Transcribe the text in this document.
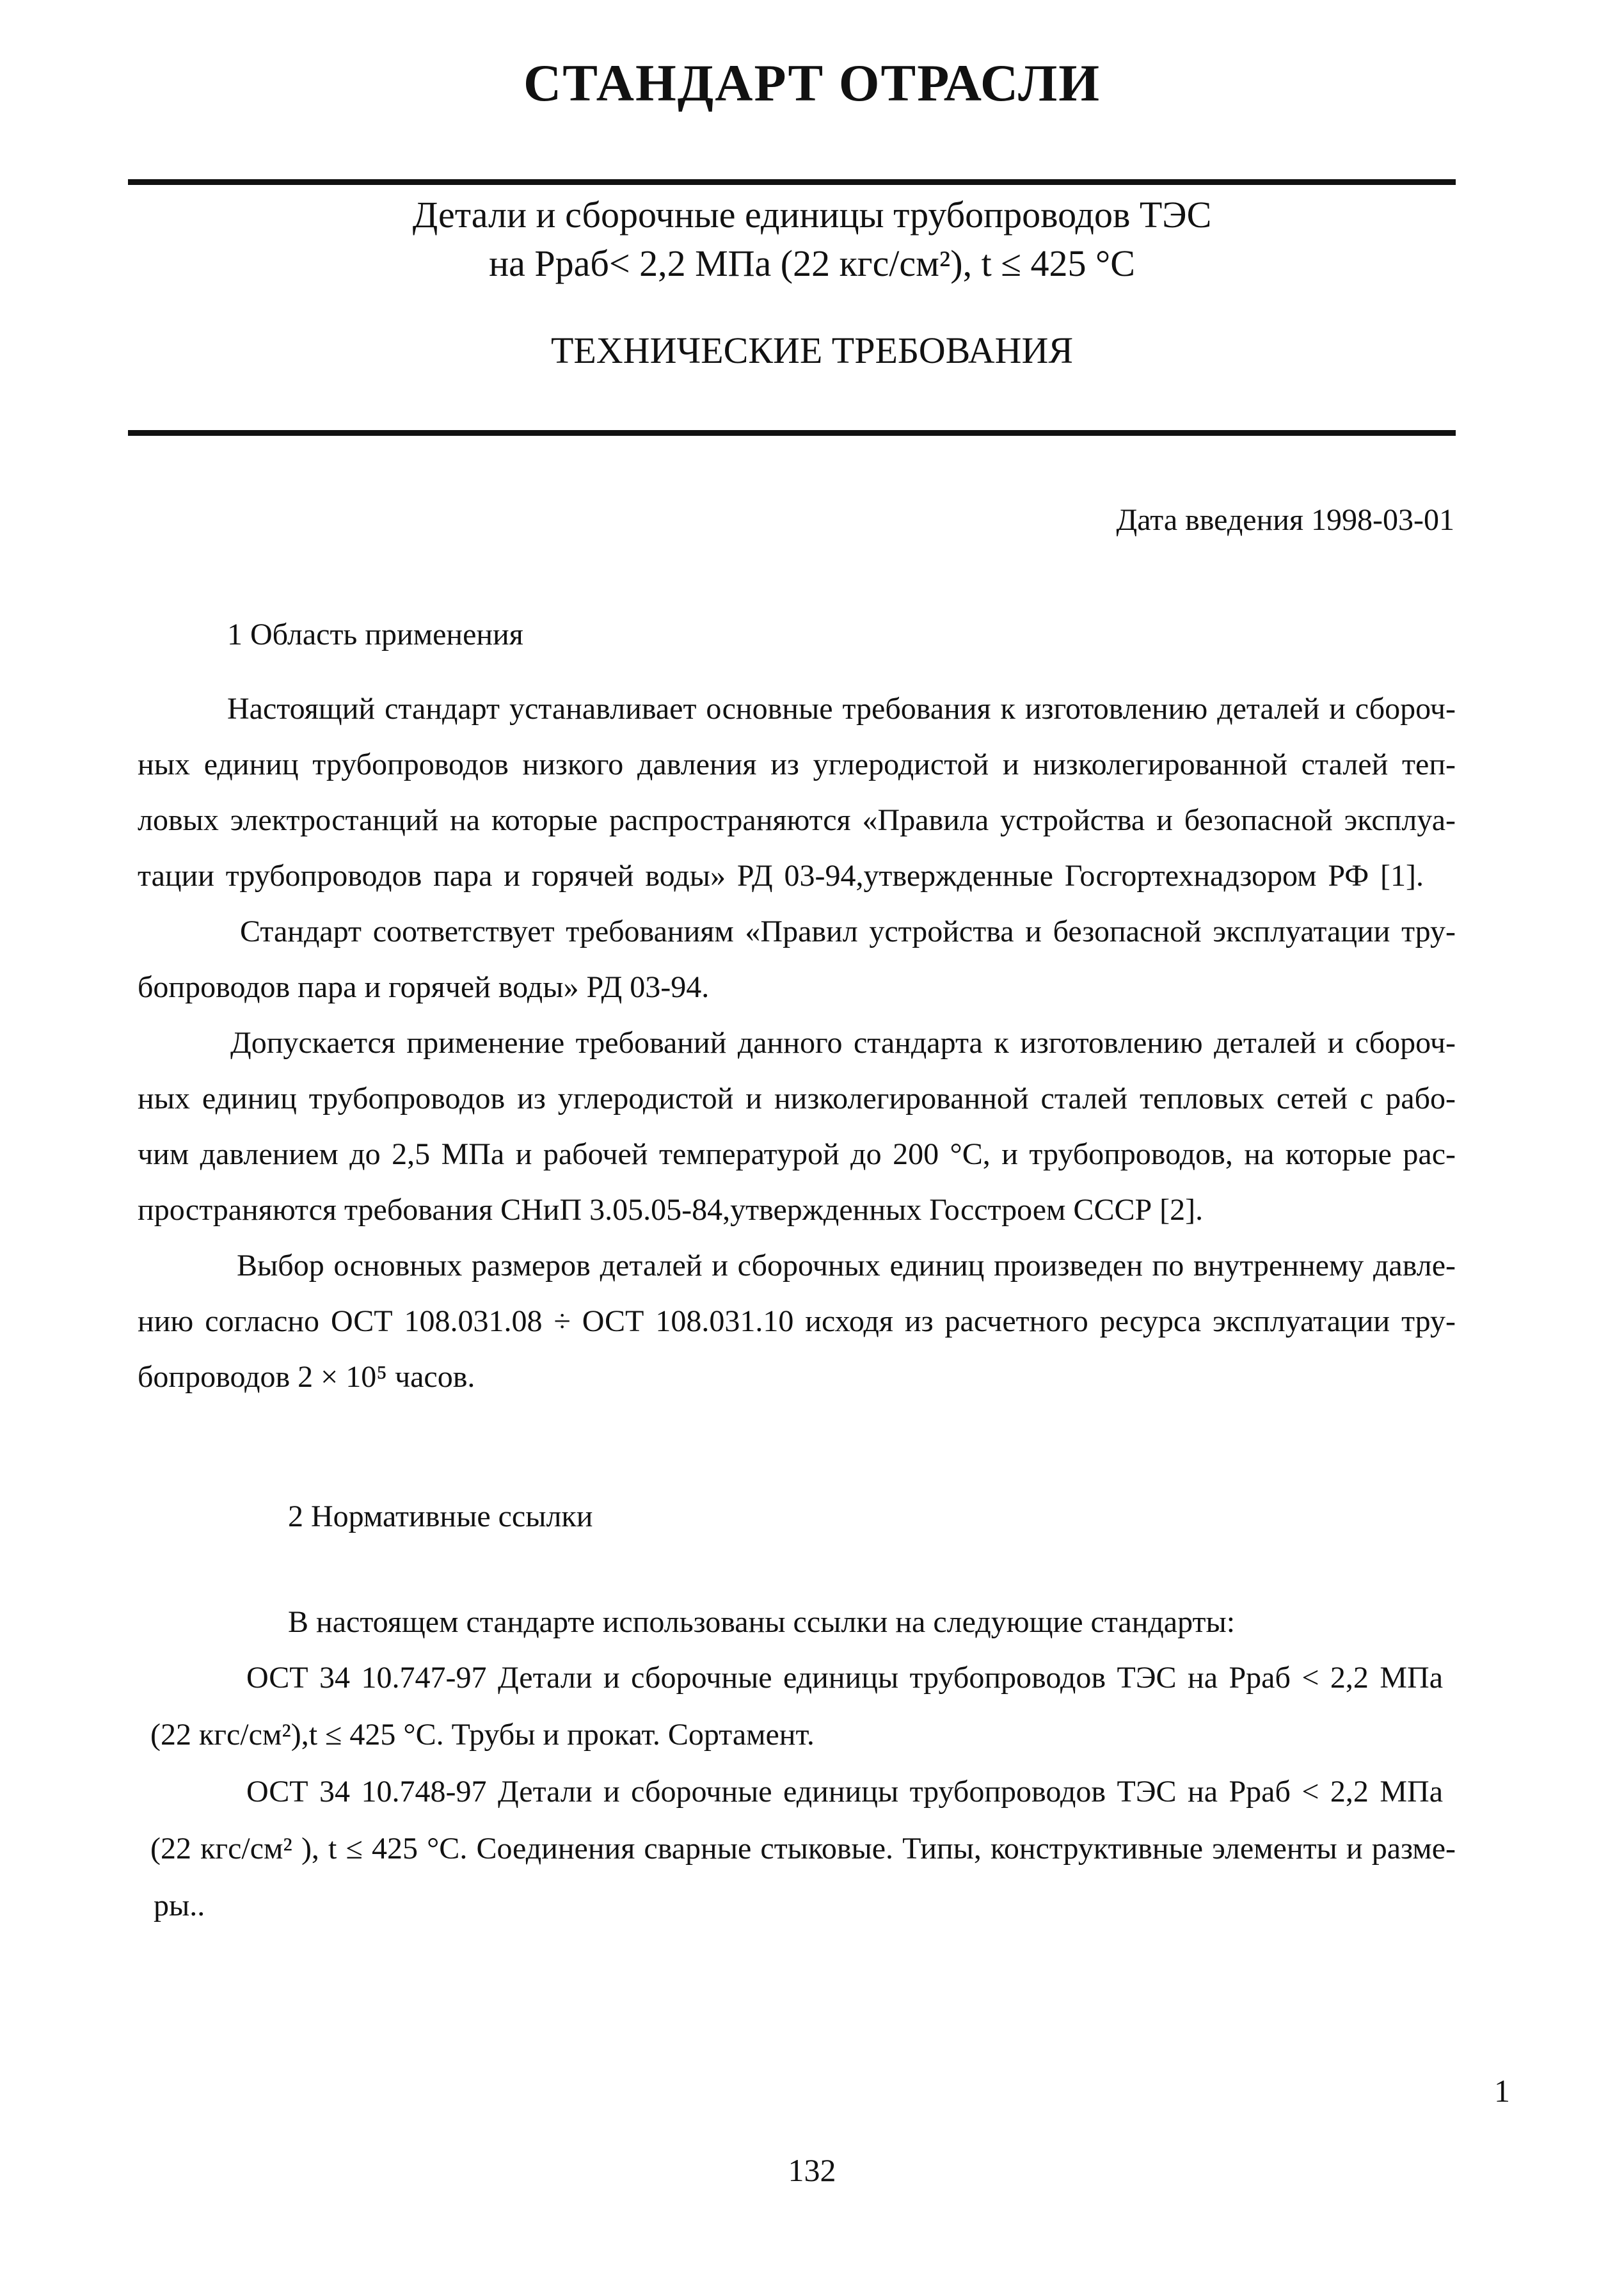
СТАНДАРТ ОТРАСЛИ
Детали и сборочные единицы трубопроводов ТЭС
на Рраб< 2,2 МПа (22 кгс/см²), t ≤ 425 °С
ТЕХНИЧЕСКИЕ ТРЕБОВАНИЯ
Дата введения 1998-03-01
1 Область применения
Настоящий стандарт устанавливает основные требования к изготовлению деталей и сбороч-
ных единиц трубопроводов низкого давления из углеродистой и низколегированной сталей теп-
ловых электростанций на которые распространяются «Правила устройства и безопасной эксплуа-
тации трубопроводов пара и горячей воды» РД 03-94,утвержденные Госгортехнадзором РФ [1].
Стандарт соответствует требованиям «Правил устройства и безопасной эксплуатации тру-
бопроводов пара и горячей воды» РД 03-94.
Допускается применение требований данного стандарта к изготовлению деталей и сбороч-
ных единиц трубопроводов из углеродистой и низколегированной сталей тепловых сетей с рабо-
чим давлением до 2,5 МПа и рабочей температурой до 200 °С, и трубопроводов, на которые рас-
пространяются требования СНиП 3.05.05-84,утвержденных Госстроем СССР [2].
Выбор основных размеров деталей и сборочных единиц произведен по внутреннему давле-
нию согласно ОСТ 108.031.08 ÷ ОСТ 108.031.10 исходя из расчетного ресурса эксплуатации тру-
бопроводов 2 × 10⁵ часов.
2 Нормативные ссылки
В настоящем стандарте использованы ссылки на следующие стандарты:
ОСТ 34 10.747-97 Детали и сборочные единицы трубопроводов ТЭС на Рраб < 2,2 МПа
(22 кгс/см²),t ≤ 425 °С. Трубы и прокат. Сортамент.
ОСТ 34 10.748-97 Детали и сборочные единицы трубопроводов ТЭС на Рраб < 2,2 МПа
(22 кгс/см² ), t ≤ 425 °С. Соединения сварные стыковые. Типы, конструктивные элементы и разме-
ры..
1
132
